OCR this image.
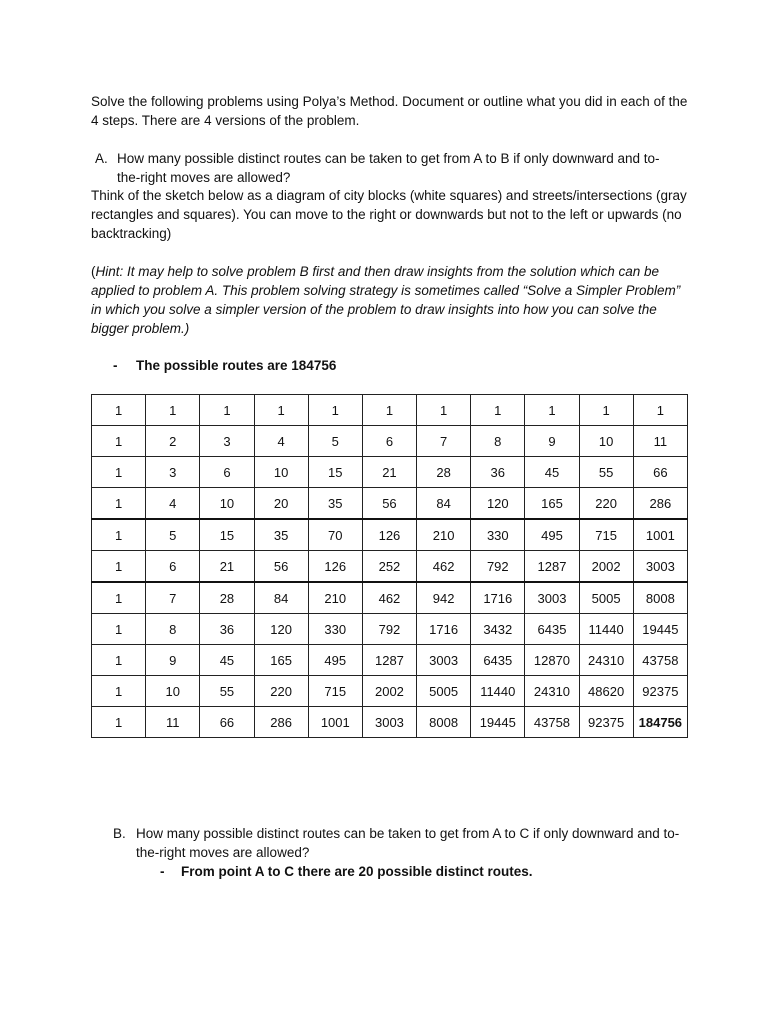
Solve the following problems using Polya’s Method. Document or outline what you did in each of the 4 steps. There are 4 versions of the problem.

A. How many possible distinct routes can be taken to get from A to B if only downward and to-the-right moves are allowed?

Think of the sketch below as a diagram of city blocks (white squares) and streets/intersections (gray rectangles and squares). You can move to the right or downwards but not to the left or upwards (no backtracking)

(Hint: It may help to solve problem B first and then draw insights from the solution which can be applied to problem A. This problem solving strategy is sometimes called “Solve a Simpler Problem” in which you solve a simpler version of the problem to draw insights into how you can solve the bigger problem.)

- The possible routes are 184756
1	1	1	1	1	1	1	1	1	1	1
1	2	3	4	5	6	7	8	9	10	11
1	3	6	10	15	21	28	36	45	55	66
1	4	10	20	35	56	84	120	165	220	286
1	5	15	35	70	126	210	330	495	715	1001
1	6	21	56	126	252	462	792	1287	2002	3003
1	7	28	84	210	462	942	1716	3003	5005	8008
1	8	36	120	330	792	1716	3432	6435	11440	19445
1	9	45	165	495	1287	3003	6435	12870	24310	43758
1	10	55	220	715	2002	5005	11440	24310	48620	92375
1	11	66	286	1001	3003	8008	19445	43758	92375	184756
B. How many possible distinct routes can be taken to get from A to C if only downward and to-the-right moves are allowed?

- From point A to C there are 20 possible distinct routes.
